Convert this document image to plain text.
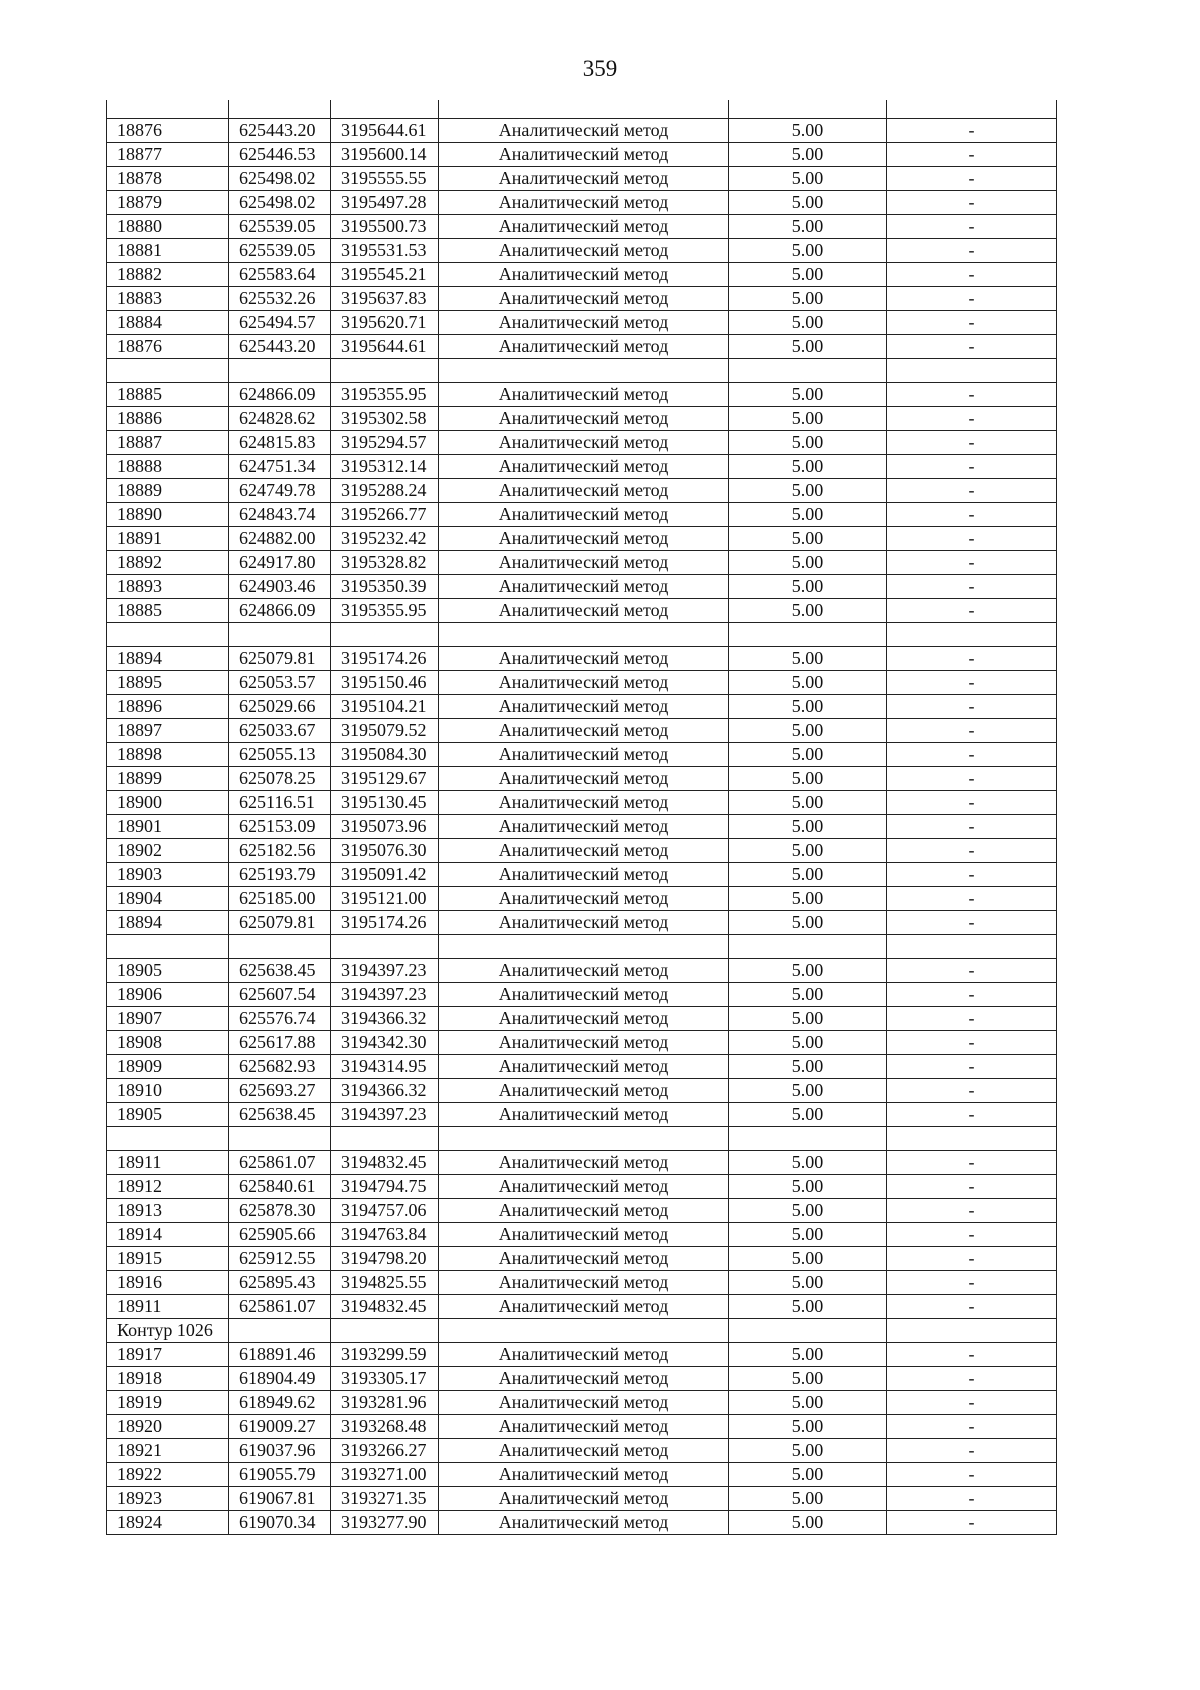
359

18876	625443.20	3195644.61	Аналитический метод	5.00	-
18877	625446.53	3195600.14	Аналитический метод	5.00	-
18878	625498.02	3195555.55	Аналитический метод	5.00	-
18879	625498.02	3195497.28	Аналитический метод	5.00	-
18880	625539.05	3195500.73	Аналитический метод	5.00	-
18881	625539.05	3195531.53	Аналитический метод	5.00	-
18882	625583.64	3195545.21	Аналитический метод	5.00	-
18883	625532.26	3195637.83	Аналитический метод	5.00	-
18884	625494.57	3195620.71	Аналитический метод	5.00	-
18876	625443.20	3195644.61	Аналитический метод	5.00	-

18885	624866.09	3195355.95	Аналитический метод	5.00	-
18886	624828.62	3195302.58	Аналитический метод	5.00	-
18887	624815.83	3195294.57	Аналитический метод	5.00	-
18888	624751.34	3195312.14	Аналитический метод	5.00	-
18889	624749.78	3195288.24	Аналитический метод	5.00	-
18890	624843.74	3195266.77	Аналитический метод	5.00	-
18891	624882.00	3195232.42	Аналитический метод	5.00	-
18892	624917.80	3195328.82	Аналитический метод	5.00	-
18893	624903.46	3195350.39	Аналитический метод	5.00	-
18885	624866.09	3195355.95	Аналитический метод	5.00	-

18894	625079.81	3195174.26	Аналитический метод	5.00	-
18895	625053.57	3195150.46	Аналитический метод	5.00	-
18896	625029.66	3195104.21	Аналитический метод	5.00	-
18897	625033.67	3195079.52	Аналитический метод	5.00	-
18898	625055.13	3195084.30	Аналитический метод	5.00	-
18899	625078.25	3195129.67	Аналитический метод	5.00	-
18900	625116.51	3195130.45	Аналитический метод	5.00	-
18901	625153.09	3195073.96	Аналитический метод	5.00	-
18902	625182.56	3195076.30	Аналитический метод	5.00	-
18903	625193.79	3195091.42	Аналитический метод	5.00	-
18904	625185.00	3195121.00	Аналитический метод	5.00	-
18894	625079.81	3195174.26	Аналитический метод	5.00	-

18905	625638.45	3194397.23	Аналитический метод	5.00	-
18906	625607.54	3194397.23	Аналитический метод	5.00	-
18907	625576.74	3194366.32	Аналитический метод	5.00	-
18908	625617.88	3194342.30	Аналитический метод	5.00	-
18909	625682.93	3194314.95	Аналитический метод	5.00	-
18910	625693.27	3194366.32	Аналитический метод	5.00	-
18905	625638.45	3194397.23	Аналитический метод	5.00	-

18911	625861.07	3194832.45	Аналитический метод	5.00	-
18912	625840.61	3194794.75	Аналитический метод	5.00	-
18913	625878.30	3194757.06	Аналитический метод	5.00	-
18914	625905.66	3194763.84	Аналитический метод	5.00	-
18915	625912.55	3194798.20	Аналитический метод	5.00	-
18916	625895.43	3194825.55	Аналитический метод	5.00	-
18911	625861.07	3194832.45	Аналитический метод	5.00	-
Контур 1026					
18917	618891.46	3193299.59	Аналитический метод	5.00	-
18918	618904.49	3193305.17	Аналитический метод	5.00	-
18919	618949.62	3193281.96	Аналитический метод	5.00	-
18920	619009.27	3193268.48	Аналитический метод	5.00	-
18921	619037.96	3193266.27	Аналитический метод	5.00	-
18922	619055.79	3193271.00	Аналитический метод	5.00	-
18923	619067.81	3193271.35	Аналитический метод	5.00	-
18924	619070.34	3193277.90	Аналитический метод	5.00	-
